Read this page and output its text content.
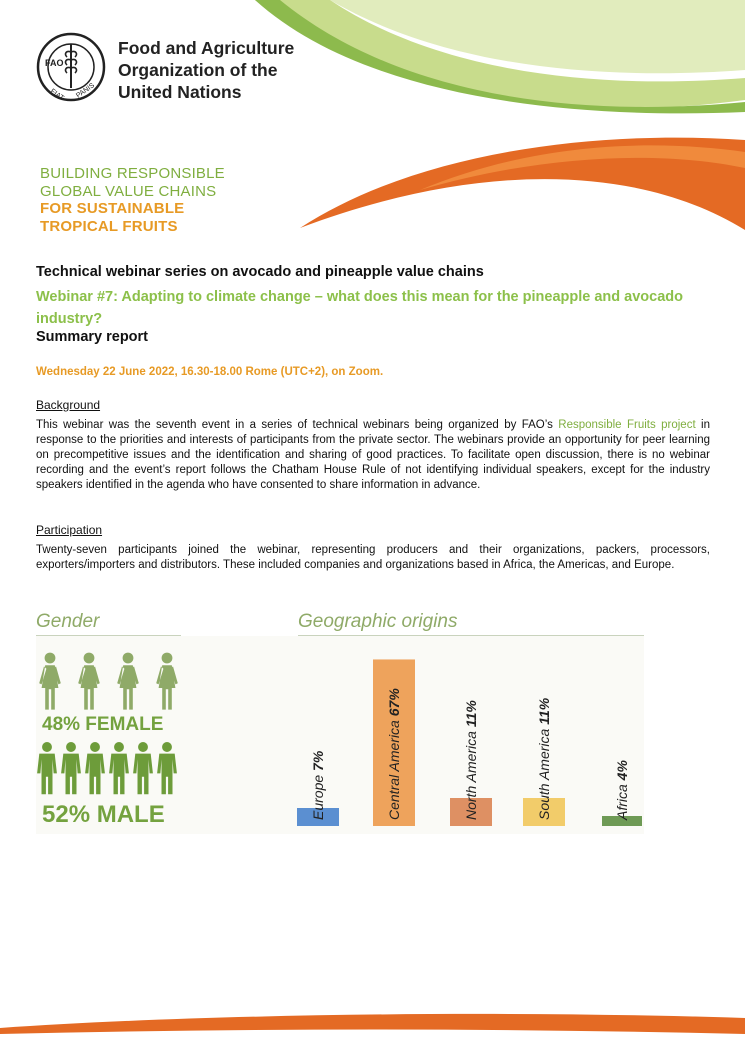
FAO
FIAT PANIS
Food and Agriculture
Organization of the
United Nations
BUILDING RESPONSIBLE
GLOBAL VALUE CHAINS
FOR SUSTAINABLE
TROPICAL FRUITS
Technical webinar series on avocado and pineapple value chains
Webinar #7: Adapting to climate change – what does this mean for the pineapple and avocado industry?
Summary report
Wednesday 22 June 2022, 16.30-18.00 Rome (UTC+2), on Zoom.
Background
This webinar was the seventh event in a series of technical webinars being organized by FAO’s Responsible Fruits project in response to the priorities and interests of participants from the private sector. The webinars provide an opportunity for peer learning on precompetitive issues and the identification and sharing of good practices. To facilitate open discussion, there is no webinar recording and the event’s report follows the Chatham House Rule of not identifying individual speakers, except for the industry speakers identified in the agenda who have consented to share information in advance.
Participation
Twenty-seven participants joined the webinar, representing producers and their organizations, packers, processors, exporters/importers and distributors. These included companies and organizations based in Africa, the Americas, and Europe.
Gender
48% FEMALE
52% MALE
Geographic origins
Europe 7%	Central America 67%
North America 11%
South America 11%
Africa 4%
